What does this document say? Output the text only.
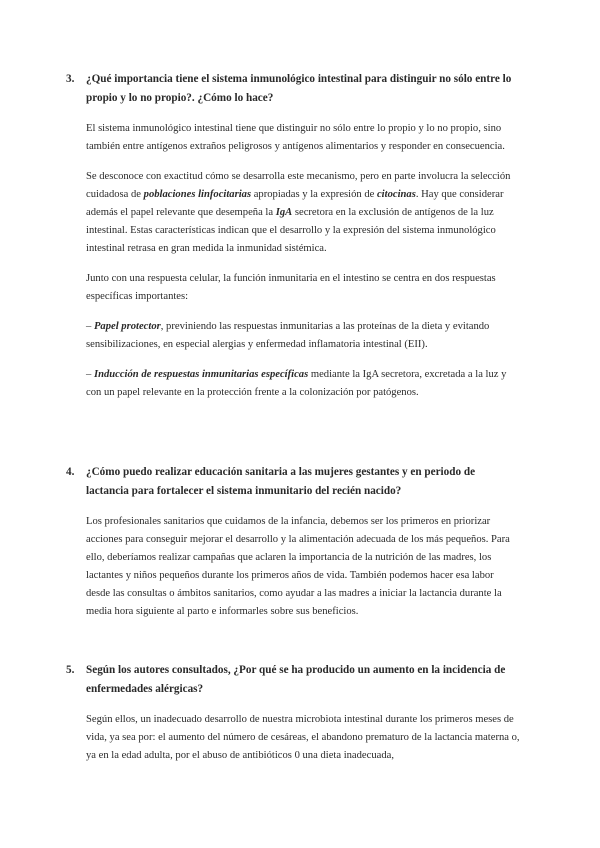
3.	¿Qué importancia tiene el sistema inmunológico intestinal para distinguir no sólo entre lo propio y lo no propio?. ¿Cómo lo hace?

El sistema inmunológico intestinal tiene que distinguir no sólo entre lo propio y lo no propio, sino también entre antígenos extraños peligrosos y antígenos alimentarios y responder en consecuencia.

Se desconoce con exactitud cómo se desarrolla este mecanismo, pero en parte involucra la selección cuidadosa de poblaciones linfocitarias apropiadas y la expresión de citocinas. Hay que considerar además el papel relevante que desempeña la IgA secretora en la exclusión de antígenos de la luz intestinal. Estas características indican que el desarrollo y la expresión del sistema inmunológico intestinal retrasa en gran medida la inmunidad sistémica.

Junto con una respuesta celular, la función inmunitaria en el intestino se centra en dos respuestas específicas importantes:

– Papel protector, previniendo las respuestas inmunitarias a las proteínas de la dieta y evitando sensibilizaciones, en especial alergias y enfermedad inflamatoria intestinal (EII).

– Inducción de respuestas inmunitarias específicas mediante la IgA secretora, excretada a la luz y con un papel relevante en la protección frente a la colonización por patógenos.

4.	¿Cómo puedo realizar educación sanitaria a las mujeres gestantes y en periodo de lactancia para fortalecer el sistema inmunitario del recién nacido?

Los profesionales sanitarios que cuidamos de la infancia, debemos ser los primeros en priorizar acciones para conseguir mejorar el desarrollo y la alimentación adecuada de los más pequeños. Para ello, deberíamos realizar campañas que aclaren la importancia de la nutrición de las madres, los lactantes y niños pequeños durante los primeros años de vida. También podemos hacer esa labor desde las consultas o ámbitos sanitarios, como ayudar a las madres a iniciar la lactancia durante la media hora siguiente al parto e informarles sobre sus beneficios.

5.	Según los autores consultados, ¿Por qué se ha producido un aumento en la incidencia de enfermedades alérgicas?

Según ellos, un inadecuado desarrollo de nuestra microbiota intestinal durante los primeros meses de vida, ya sea por: el aumento del número de cesáreas, el abandono prematuro de la lactancia materna o, ya en la edad adulta, por el abuso de antibióticos 0 una dieta inadecuada,
